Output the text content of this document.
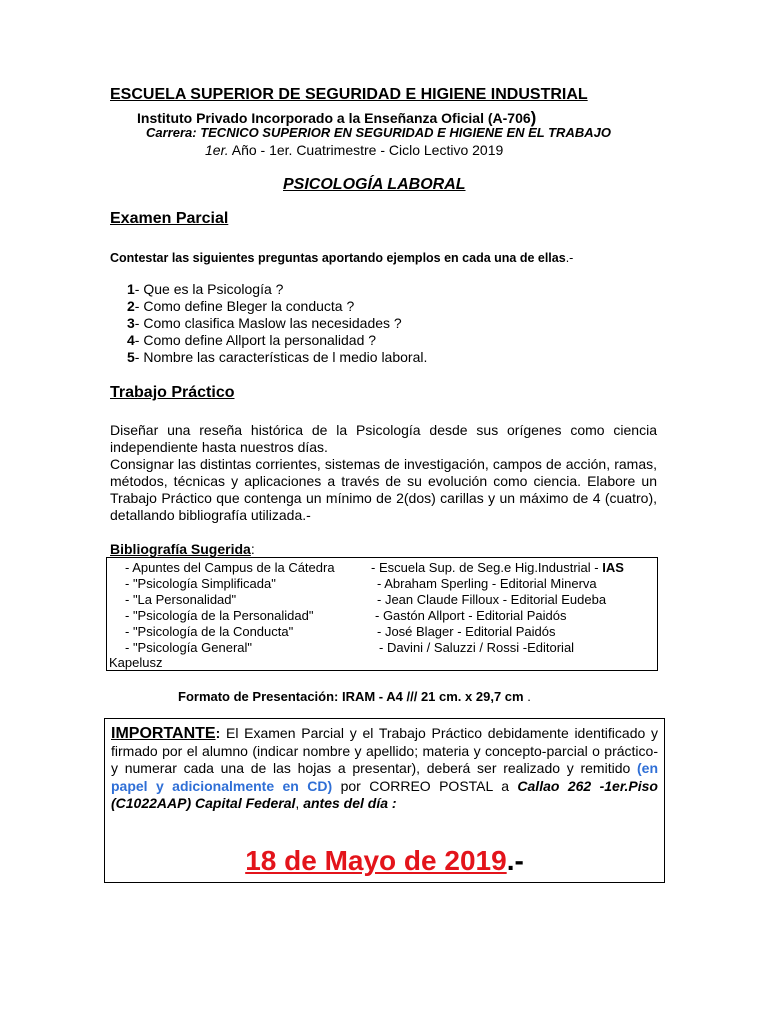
ESCUELA SUPERIOR DE SEGURIDAD E HIGIENE INDUSTRIAL
Instituto Privado Incorporado a la Enseñanza Oficial (A-706)
Carrera: TECNICO SUPERIOR EN SEGURIDAD E HIGIENE EN EL TRABAJO
1er. Año - 1er. Cuatrimestre - Ciclo Lectivo 2019
PSICOLOGÍA LABORAL
Examen Parcial
Contestar las siguientes preguntas aportando ejemplos en cada una de ellas.-
1- Que es la Psicología ?
2- Como define Bleger la conducta ?
3- Como clasifica Maslow las necesidades ?
4- Como define Allport la personalidad ?
5- Nombre las características de l medio laboral.
Trabajo Práctico
Diseñar una reseña histórica de la Psicología desde sus orígenes como ciencia independiente hasta nuestros días.
Consignar las distintas corrientes, sistemas de investigación, campos de acción, ramas, métodos, técnicas y aplicaciones a través de su evolución como ciencia. Elabore un Trabajo Práctico que contenga un mínimo de 2(dos) carillas y un máximo de 4 (cuatro), detallando bibliografía utilizada.-
Bibliografía Sugerida:
- Apuntes del Campus de la Cátedra	- Escuela Sup. de Seg.e Hig.Industrial - IAS
- "Psicología Simplificada"	- Abraham Sperling - Editorial Minerva
- "La Personalidad"	- Jean Claude Filloux - Editorial Eudeba
- "Psicología de la Personalidad"	- Gastón Allport - Editorial Paidós
- "Psicología de la Conducta"	- José Blager - Editorial Paidós
- "Psicología General"	- Davini / Saluzzi / Rossi -Editorial
Kapelusz
Formato de Presentación: IRAM - A4 /// 21 cm. x 29,7 cm .
IMPORTANTE: El Examen Parcial y el Trabajo Práctico debidamente identificado y firmado por el alumno (indicar nombre y apellido; materia y concepto-parcial o práctico- y numerar cada una de las hojas a presentar), deberá ser realizado y remitido (en papel y adicionalmente en CD) por CORREO POSTAL a Callao 262 -1er.Piso (C1022AAP) Capital Federal, antes del día :
18 de Mayo de 2019.-
